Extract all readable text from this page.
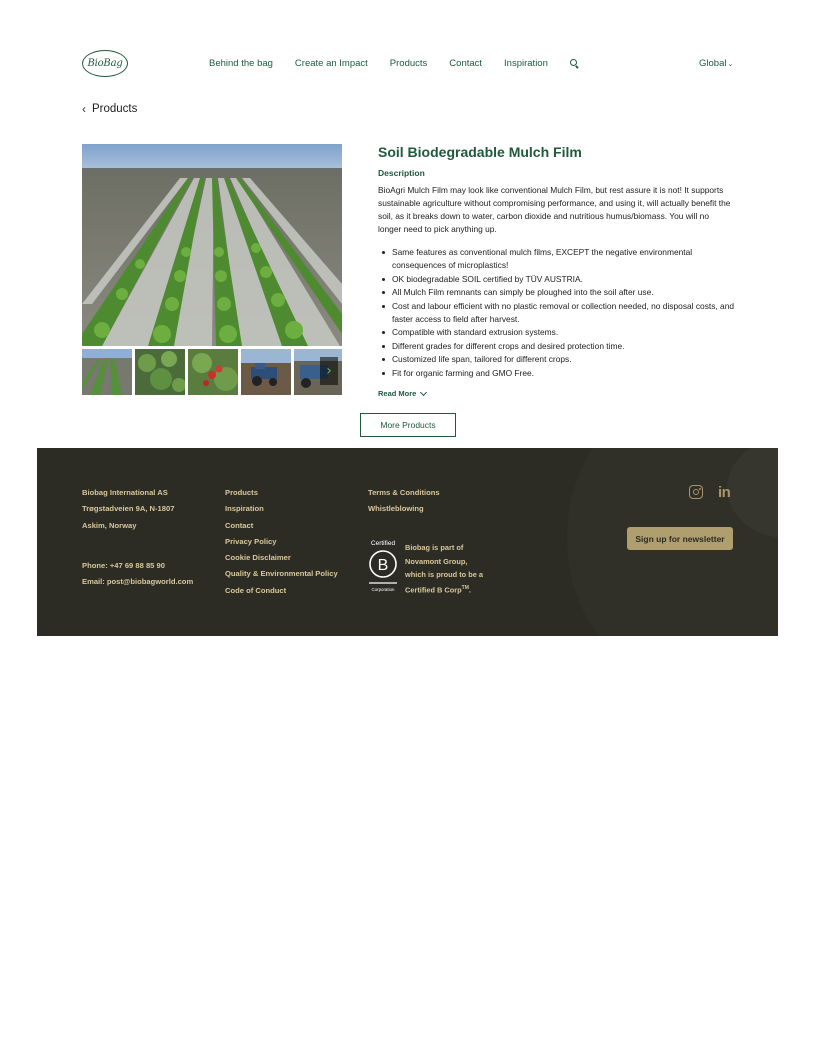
BioBag	Behind the bag Create an Impact Products Contact Inspiration	Global⌄
‹ Products
›
Soil Biodegradable Mulch Film
Description

BioAgri Mulch Film may look like conventional Mulch Film, but rest assure it is not! It supports sustainable agriculture without compromising performance, and using it, will actually benefit the soil, as it breaks down to water, carbon dioxide and nutritious humus/biomass. You will no longer need to pick anything up.

Same features as conventional mulch films, EXCEPT the negative environmental consequences of microplastics!
OK biodegradable SOIL certified by TÜV AUSTRIA.
All Mulch Film remnants can simply be ploughed into the soil after use.
Cost and labour efficient with no plastic removal or collection needed, no disposal costs, and faster access to field after harvest.
Compatible with standard extrusion systems.
Different grades for different crops and desired protection time.
Customized life span, tailored for different crops.
Fit for organic farming and GMO Free.
Read More
More Products
Biobag International AS
Trøgstadveien 9A, N-1807
Askim, Norway
Phone: +47 69 88 85 90
Email: post@biobagworld.com
Products
Inspiration
Contact
Privacy Policy
Cookie Disclaimer
Quality & Environmental Policy
Code of Conduct
Terms & Conditions
Whistleblowing
Certified
B
Corporation
Biobag is part of
Novamont Group,
which is proud to be a
Certified B Corp™.
in
Sign up for newsletter
